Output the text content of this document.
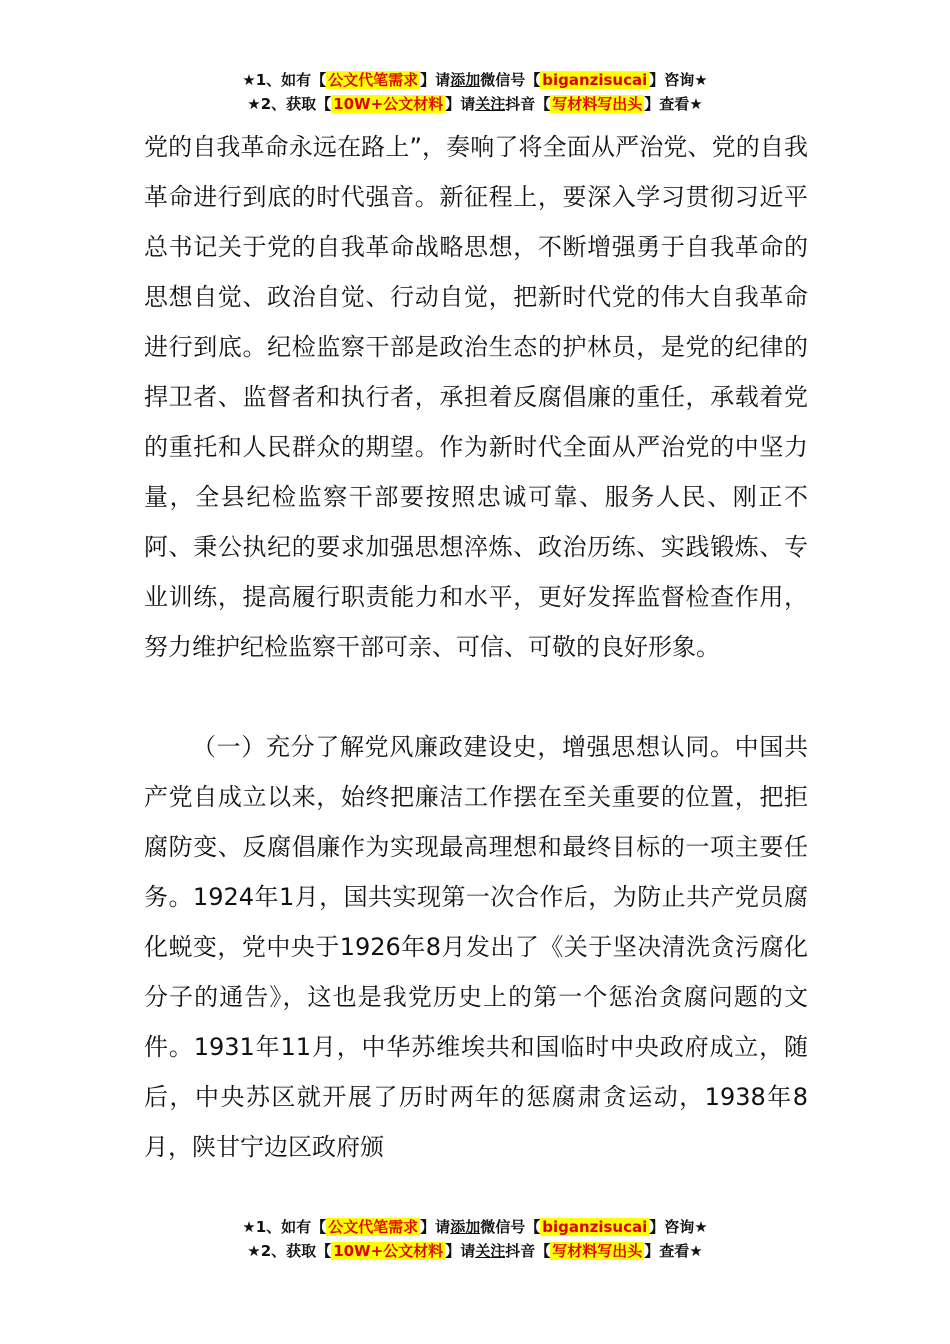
★1、如有【 公文代笔需求 】请添加微信号【 biganzisucai 】咨询★
★2、获取【 10W+公文材料 】请关注抖音【 写材料写出头 】查看★

党的自我革命永远在路上”，奏响了将全面从严治党、党的自我革命进行到底的时代强音。新征程上，要深入学习贯彻习近平总书记关于党的自我革命战略思想，不断增强勇于自我革命的思想自觉、政治自觉、行动自觉，把新时代党的伟大自我革命进行到底。纪检监察干部是政治生态的护林员，是党的纪律的捍卫者、监督者和执行者，承担着反腐倡廉的重任，承载着党的重托和人民群众的期望。作为新时代全面从严治党的中坚力量，全县纪检监察干部要按照忠诚可靠、服务人民、刚正不阿、秉公执纪的要求加强思想淬炼、政治历练、实践锻炼、专业训练，提高履行职责能力和水平，更好发挥监督检查作用，努力维护纪检监察干部可亲、可信、可敬的良好形象。

（一）充分了解党风廉政建设史，增强思想认同。中国共产党自成立以来，始终把廉洁工作摆在至关重要的位置，把拒腐防变、反腐倡廉作为实现最高理想和最终目标的一项主要任务。1924年1月，国共实现第一次合作后，为防止共产党员腐化蜕变，党中央于1926年8月发出了《关于坚决清洗贪污腐化分子的通告》，这也是我党历史上的第一个惩治贪腐问题的文件。1931年11月，中华苏维埃共和国临时中央政府成立，随后，中央苏区就开展了历时两年的惩腐肃贪运动，1938年8月，陕甘宁边区政府颁

★1、如有【 公文代笔需求 】请添加微信号【 biganzisucai 】咨询★
★2、获取【 10W+公文材料 】请关注抖音【 写材料写出头 】查看★
